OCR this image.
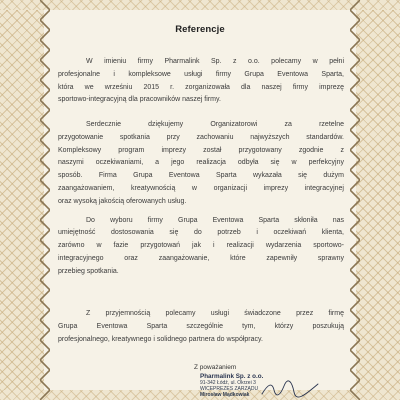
Referencje
W imieniu firmy Pharmalink Sp. z o.o. polecamy w pełni
profesjonalne i kompleksowe usługi firmy Grupa Eventowa Sparta,
która we wrześniu 2015 r. zorganizowała dla naszej firmy imprezę
sportowo-integracyjną dla pracowników naszej firmy.
Serdecznie dziękujemy Organizatorowi za rzetelne
przygotowanie spotkania przy zachowaniu najwyższych standardów.
Kompleksowy program imprezy został przygotowany zgodnie z
naszymi oczekiwaniami, a jego realizacja odbyła się w perfekcyjny
sposób. Firma Grupa Eventowa Sparta wykazała się dużym
zaangażowaniem, kreatywnością w organizacji imprezy integracyjnej
oraz wysoką jakością oferowanych usług.
Do wyboru firmy Grupa Eventowa Sparta skłoniła nas
umiejętność dostosowania się do potrzeb i oczekiwań klienta,
zarówno w fazie przygotowań jak i realizacji wydarzenia sportowo-
integracyjnego oraz zaangażowanie, które zapewniły sprawny
przebieg spotkania.
Z przyjemnością polecamy usługi świadczone przez firmę
Grupa Eventowa Sparta szczególnie tym, którzy poszukują
profesjonalnego, kreatywnego i solidnego partnera do współpracy.
Z poważaniem
Pharmalink Sp. z o.o.
91-342 Łódź, ul. Okrzei 3
WICEPREZES ZARZĄDU
Mirosław Mądkowiak
